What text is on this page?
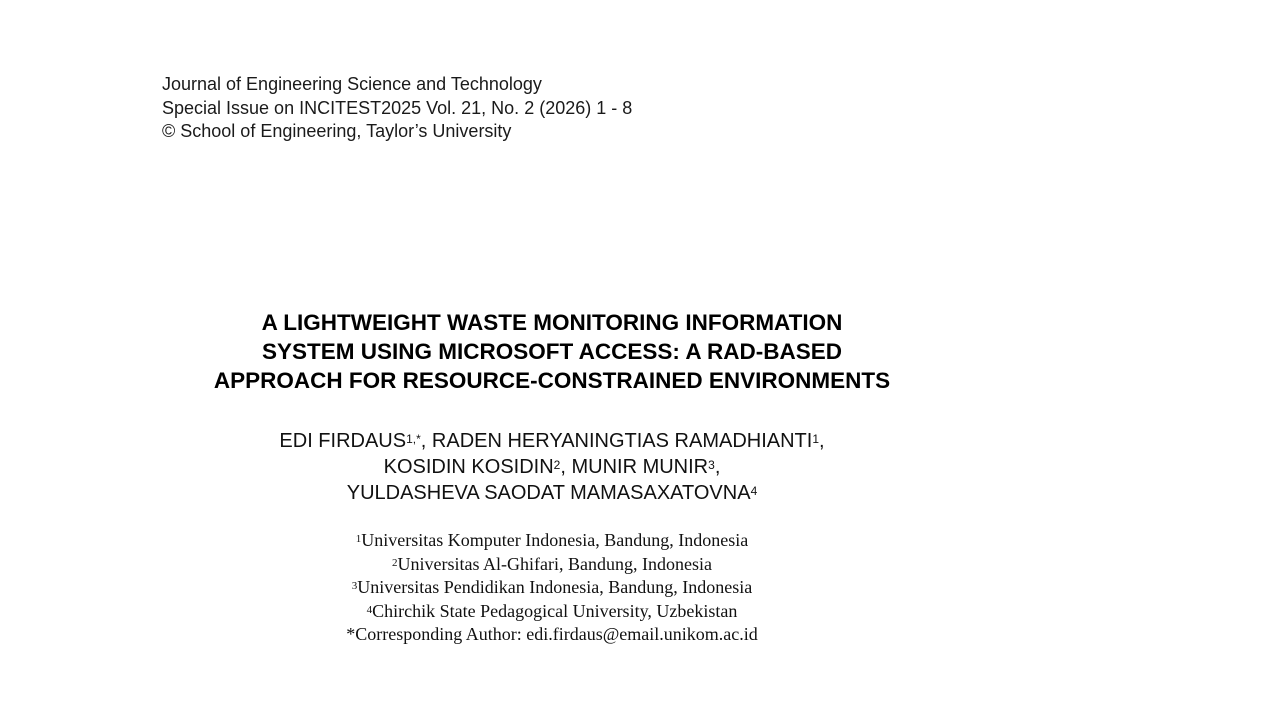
Journal of Engineering Science and Technology
Special Issue on INCITEST2025 Vol. 21, No. 2 (2026) 1 - 8
© School of Engineering, Taylor’s University
A LIGHTWEIGHT WASTE MONITORING INFORMATION
SYSTEM USING MICROSOFT ACCESS: A RAD-BASED
APPROACH FOR RESOURCE-CONSTRAINED ENVIRONMENTS
EDI $FIRDAUS^{1,*}$, RADEN HERYANINGTIAS RAMADHIANTI$^1$,
KOSIDIN KOSIDIN$^2$, MUNIR MUNIR$^3$,
YULDASHEVA SAODAT MAMASAXATOVNA$^4$
$^1$Universitas Komputer Indonesia, Bandung, Indonesia
$^2$Universitas Al-Ghifari, Bandung, Indonesia
$^3$Universitas Pendidikan Indonesia, Bandung, Indonesia
$^4$Chirchik State Pedagogical University, Uzbekistan
*Corresponding Author: edi.firdaus@email.unikom.ac.id
